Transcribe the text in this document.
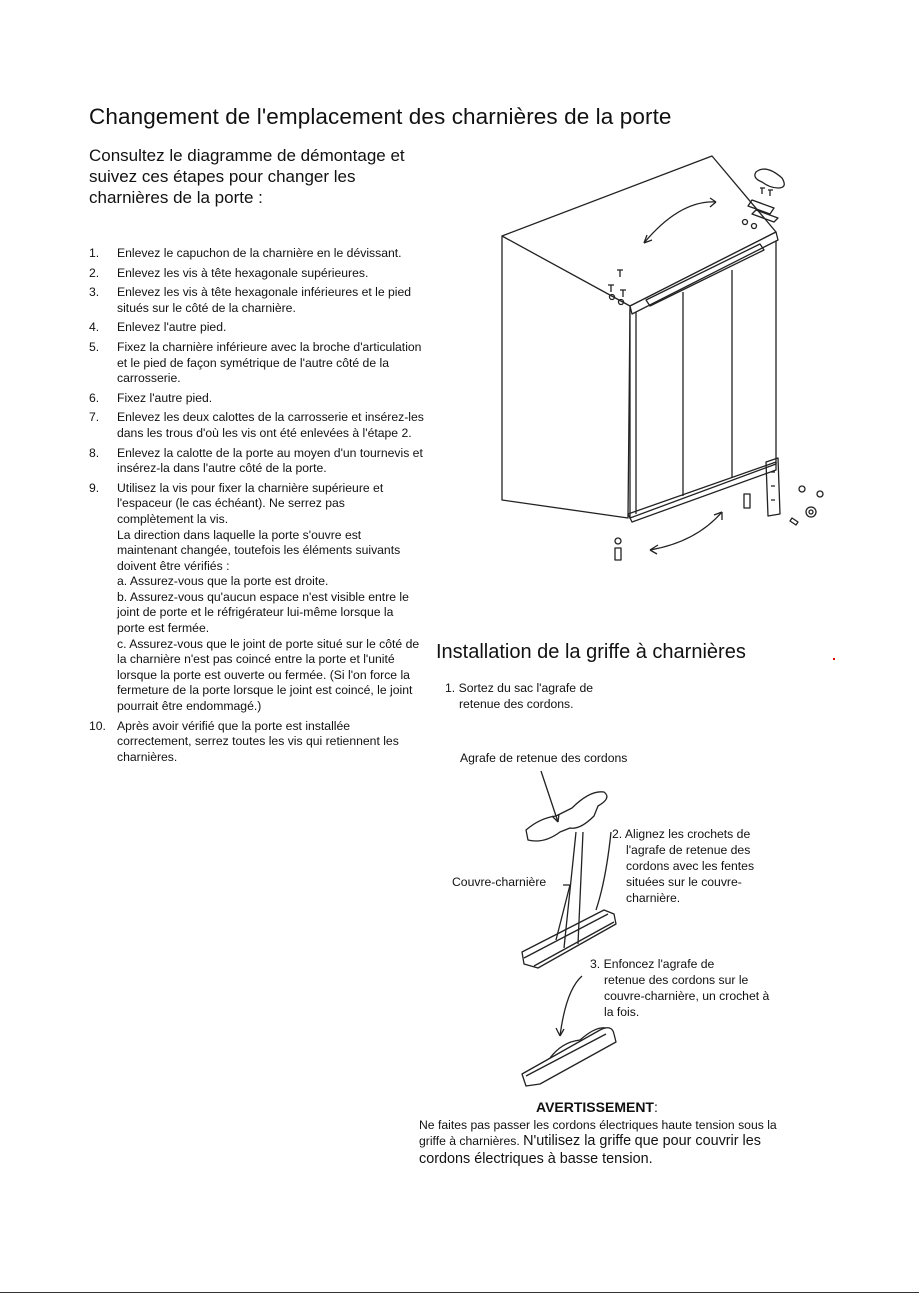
Changement de l'emplacement des charnières de la porte
Consultez le diagramme de démontage et suivez ces étapes pour changer les charnières de la porte :
1. Enlevez le capuchon de la charnière en le dévissant.
2. Enlevez les vis à tête hexagonale supérieures.
3. Enlevez les vis à tête hexagonale inférieures et le pied situés sur le côté de la charnière.
4. Enlevez l'autre pied.
5. Fixez la charnière inférieure avec la broche d'articulation et le pied de façon symétrique de l'autre côté de la carrosserie.
6. Fixez l'autre pied.
7. Enlevez les deux calottes de la carrosserie et insérez-les dans les trous d'où les vis ont été enlevées à l'étape 2.
8. Enlevez la calotte de la porte au moyen d'un tournevis et insérez-la dans l'autre côté de la porte.
9. Utilisez la vis pour fixer la charnière supérieure et l'espaceur (le cas échéant). Ne serrez pas complètement la vis.
La direction dans laquelle la porte s'ouvre est maintenant changée, toutefois les éléments suivants doivent être vérifiés :
a. Assurez-vous que la porte est droite.
b. Assurez-vous qu'aucun espace n'est visible entre le joint de porte et le réfrigérateur lui-même lorsque la porte est fermée.
c. Assurez-vous que le joint de porte situé sur le côté de la charnière n'est pas coincé entre la porte et l'unité lorsque la porte est ouverte ou fermée. (Si l'on force la fermeture de la porte lorsque le joint est coincé, le joint pourrait être endommagé.)
10. Après avoir vérifié que la porte est installée correctement, serrez toutes les vis qui retiennent les charnières.
Installation de la griffe à charnières
1. Sortez du sac l'agrafe de
retenue des cordons.
Agrafe de retenue des cordons
Couvre-charnière
2. Alignez les crochets de
l'agrafe de retenue des cordons avec les fentes situées sur le couvre-charnière.
3. Enfoncez l'agrafe de
retenue des cordons sur le couvre-charnière, un crochet à la fois.
AVERTISSEMENT:
Ne faites pas passer les cordons électriques haute tension sous la griffe à charnières. N'utilisez la griffe que pour couvrir les cordons électriques à basse tension.
